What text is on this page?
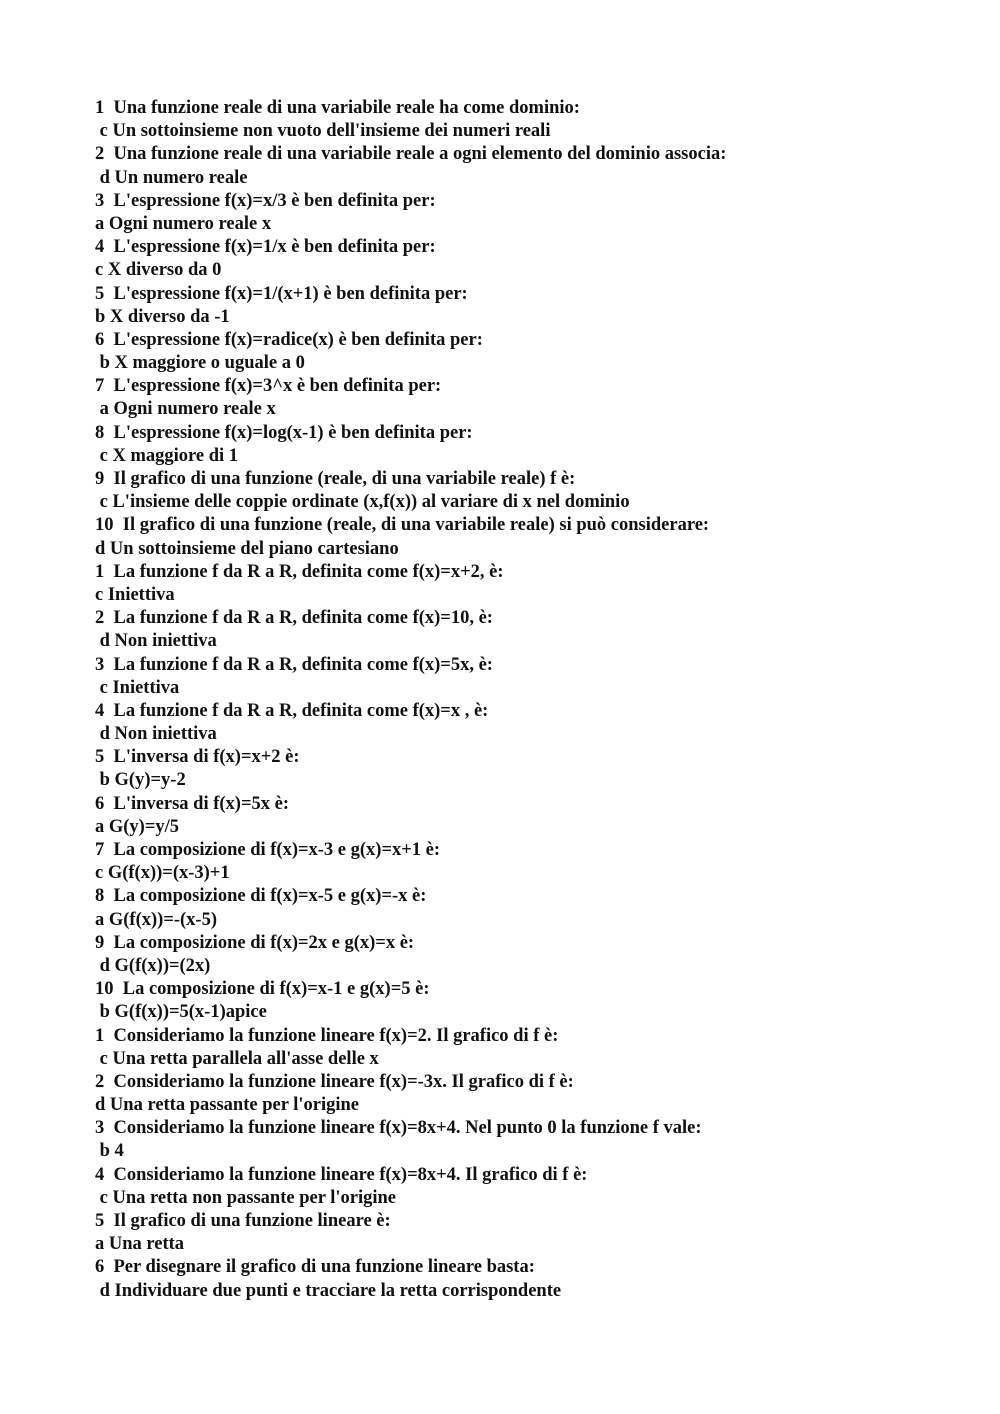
1  Una funzione reale di una variabile reale ha come dominio:
c Un sottoinsieme non vuoto dell'insieme dei numeri reali
2  Una funzione reale di una variabile reale a ogni elemento del dominio associa:
d Un numero reale
3  L'espressione f(x)=x/3 è ben definita per:
a Ogni numero reale x
4  L'espressione f(x)=1/x è ben definita per:
c X diverso da 0
5  L'espressione f(x)=1/(x+1) è ben definita per:
b X diverso da -1
6  L'espressione f(x)=radice(x) è ben definita per:
b X maggiore o uguale a 0
7  L'espressione f(x)=3^x è ben definita per:
a Ogni numero reale x
8  L'espressione f(x)=log(x-1) è ben definita per:
c X maggiore di 1
9  Il grafico di una funzione (reale, di una variabile reale) f è:
c L'insieme delle coppie ordinate (x,f(x)) al variare di x nel dominio
10  Il grafico di una funzione (reale, di una variabile reale) si può considerare:
d Un sottoinsieme del piano cartesiano
1  La funzione f da R a R, definita come f(x)=x+2, è:
c Iniettiva
2  La funzione f da R a R, definita come f(x)=10, è:
d Non iniettiva
3  La funzione f da R a R, definita come f(x)=5x, è:
c Iniettiva
4  La funzione f da R a R, definita come f(x)=x , è:
d Non iniettiva
5  L'inversa di f(x)=x+2 è:
b G(y)=y-2
6  L'inversa di f(x)=5x è:
a G(y)=y/5
7  La composizione di f(x)=x-3 e g(x)=x+1 è:
c G(f(x))=(x-3)+1
8  La composizione di f(x)=x-5 e g(x)=-x è:
a G(f(x))=-(x-5)
9  La composizione di f(x)=2x e g(x)=x è:
d G(f(x))=(2x)
10  La composizione di f(x)=x-1 e g(x)=5 è:
b G(f(x))=5(x-1)apice
1  Consideriamo la funzione lineare f(x)=2. Il grafico di f è:
c Una retta parallela all'asse delle x
2  Consideriamo la funzione lineare f(x)=-3x. Il grafico di f è:
d Una retta passante per l'origine
3  Consideriamo la funzione lineare f(x)=8x+4. Nel punto 0 la funzione f vale:
b 4
4  Consideriamo la funzione lineare f(x)=8x+4. Il grafico di f è:
c Una retta non passante per l'origine
5  Il grafico di una funzione lineare è:
a Una retta
6  Per disegnare il grafico di una funzione lineare basta:
d Individuare due punti e tracciare la retta corrispondente
